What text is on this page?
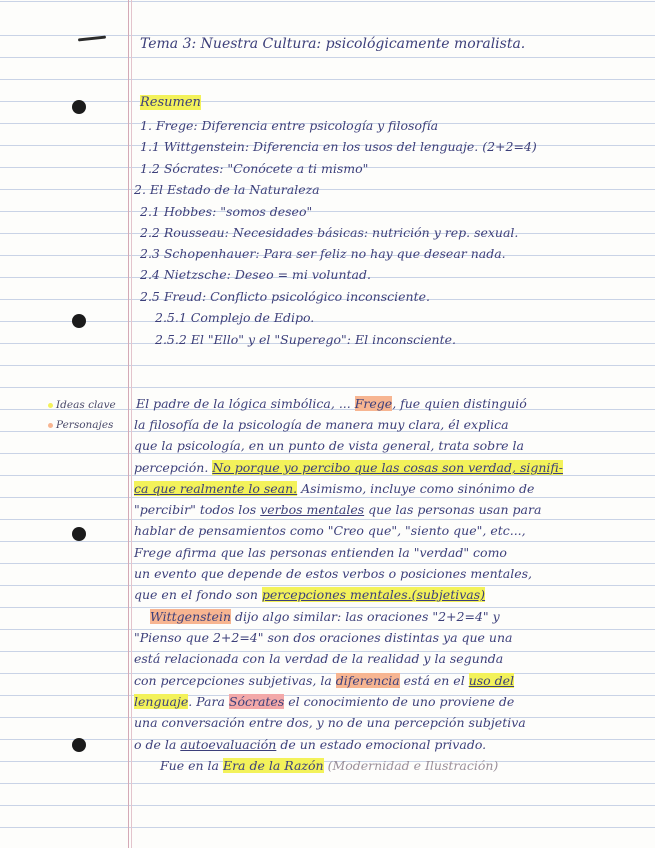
Tema 3: Nuestra Cultura: psicológicamente moralista.
Resumen
1. Frege: Diferencia entre psicología y filosofía
1.1 Wittgenstein: Diferencia en los usos del lenguaje. (2+2=4)
1.2 Sócrates: "Conócete a ti mismo"
2. El Estado de la Naturaleza
2.1 Hobbes: "somos deseo"
2.2 Rousseau: Necesidades básicas: nutrición y rep. sexual.
2.3 Schopenhauer: Para ser feliz no hay que desear nada.
2.4 Nietzsche: Deseo = mi voluntad.
2.5 Freud: Conflicto psicológico inconsciente.
2.5.1 Complejo de Edipo.
2.5.2 El "Ello" y el "Superego": El inconsciente.
Ideas clave
Personajes
El padre de la lógica simbólica, ... Frege, fue quien distinguió
la filosofía de la psicología de manera muy clara, él explica
que la psicología, en un punto de vista general, trata sobre la
percepción. No porque yo percibo que las cosas son verdad, signifi-
ca que realmente lo sean. Asimismo, incluye como sinónimo de
"percibir" todos los verbos mentales que las personas usan para
hablar de pensamientos como "Creo que", "siento que", etc...,
Frege afirma que las personas entienden la "verdad" como
un evento que depende de estos verbos o posiciones mentales,
que en el fondo son percepciones mentales.(subjetivas)
Wittgenstein dijo algo similar: las oraciones "2+2=4" y
"Pienso que 2+2=4" son dos oraciones distintas ya que una
está relacionada con la verdad de la realidad y la segunda
con percepciones subjetivas, la diferencia está en el uso del
lenguaje. Para Sócrates el conocimiento de uno proviene de
una conversación entre dos, y no de una percepción subjetiva
o de la autoevaluación de un estado emocional privado.
Fue en la Era de la Razón (Modernidad e Ilustración)
